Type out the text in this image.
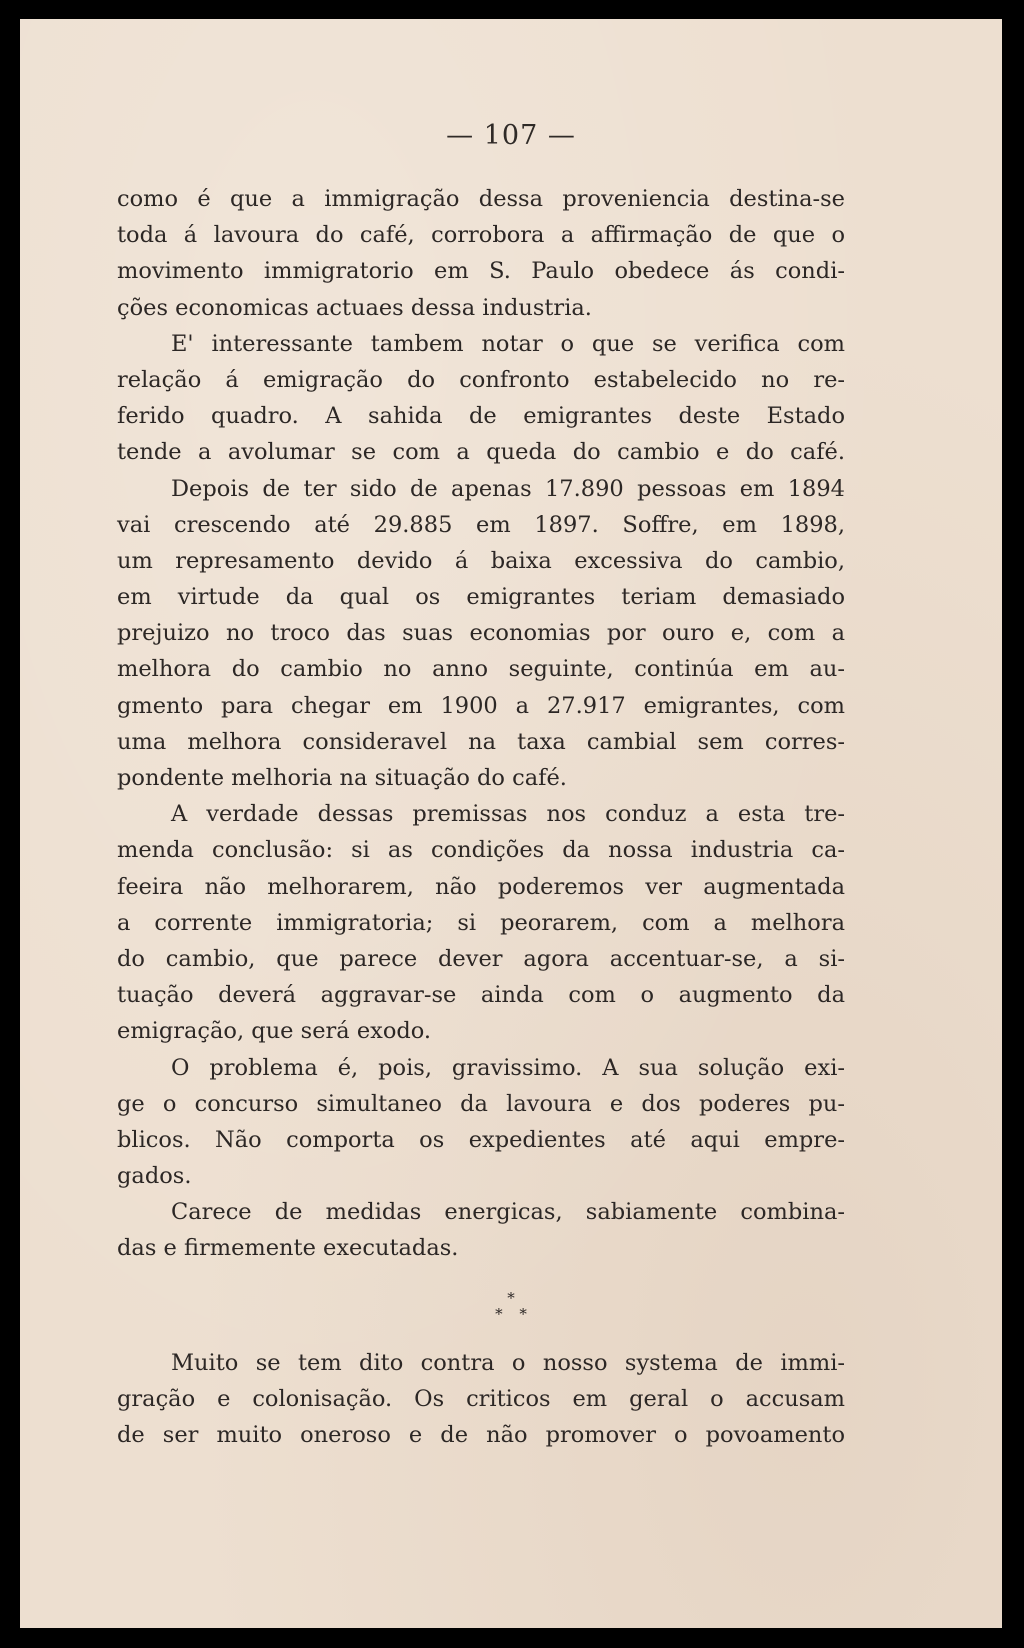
— 107 —
como é que a immigração dessa proveniencia destina-se
toda á lavoura do café, corrobora a affirmação de que o
movimento immigratorio em S. Paulo obedece ás condi-
ções economicas actuaes dessa industria.
E' interessante tambem notar o que se verifica com
relação á emigração do confronto estabelecido no re-
ferido quadro. A sahida de emigrantes deste Estado
tende a avolumar se com a queda do cambio e do café.
Depois de ter sido de apenas 17.890 pessoas em 1894
vai crescendo até 29.885 em 1897. Soffre, em 1898,
um represamento devido á baixa excessiva do cambio,
em virtude da qual os emigrantes teriam demasiado
prejuizo no troco das suas economias por ouro e, com a
melhora do cambio no anno seguinte, continúa em au-
gmento para chegar em 1900 a 27.917 emigrantes, com
uma melhora consideravel na taxa cambial sem corres-
pondente melhoria na situação do café.
A verdade dessas premissas nos conduz a esta tre-
menda conclusão: si as condições da nossa industria ca-
feeira não melhorarem, não poderemos ver augmentada
a corrente immigratoria; si peorarem, com a melhora
do cambio, que parece dever agora accentuar-se, a si-
tuação deverá aggravar-se ainda com o augmento da
emigração, que será exodo.
O problema é, pois, gravissimo. A sua solução exi-
ge o concurso simultaneo da lavoura e dos poderes pu-
blicos. Não comporta os expedientes até aqui empre-
gados.
Carece de medidas energicas, sabiamente combina-
das e firmemente executadas.
*
* *
Muito se tem dito contra o nosso systema de immi-
gração e colonisação. Os criticos em geral o accusam
de ser muito oneroso e de não promover o povoamento
